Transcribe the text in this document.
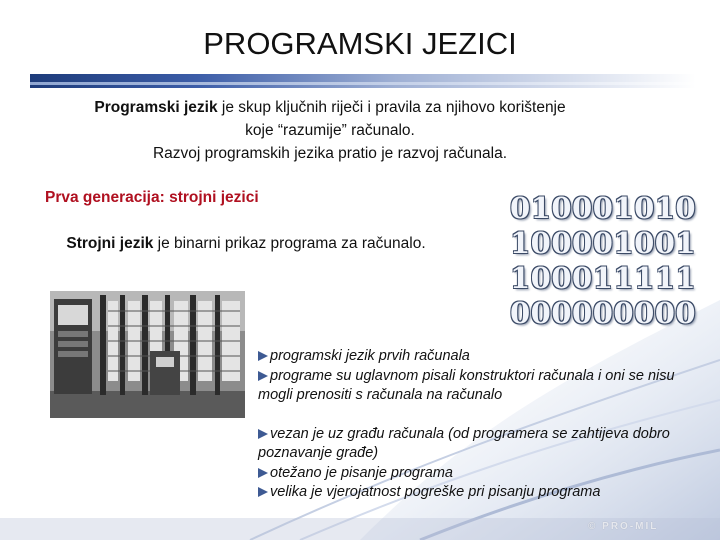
PROGRAMSKI JEZICI
Programski jezik je skup ključnih riječi i pravila za njihovo korištenje
koje “razumije” računalo.
Razvoj programskih jezika pratio je razvoj računala.
Prva generacija: strojni jezici
Strojni jezik je binarni prikaz programa za računalo.
010001010
100001001
100011111
000000000
programski jezik prvih računala
programe su uglavnom pisali konstruktori računala i oni se nisu mogli prenositi s računala na računalo
vezan je uz građu računala (od programera se zahtijeva dobro poznavanje građe)
otežano je pisanje programa
velika je vjerojatnost pogreške pri pisanju programa
© PRO-MIL
